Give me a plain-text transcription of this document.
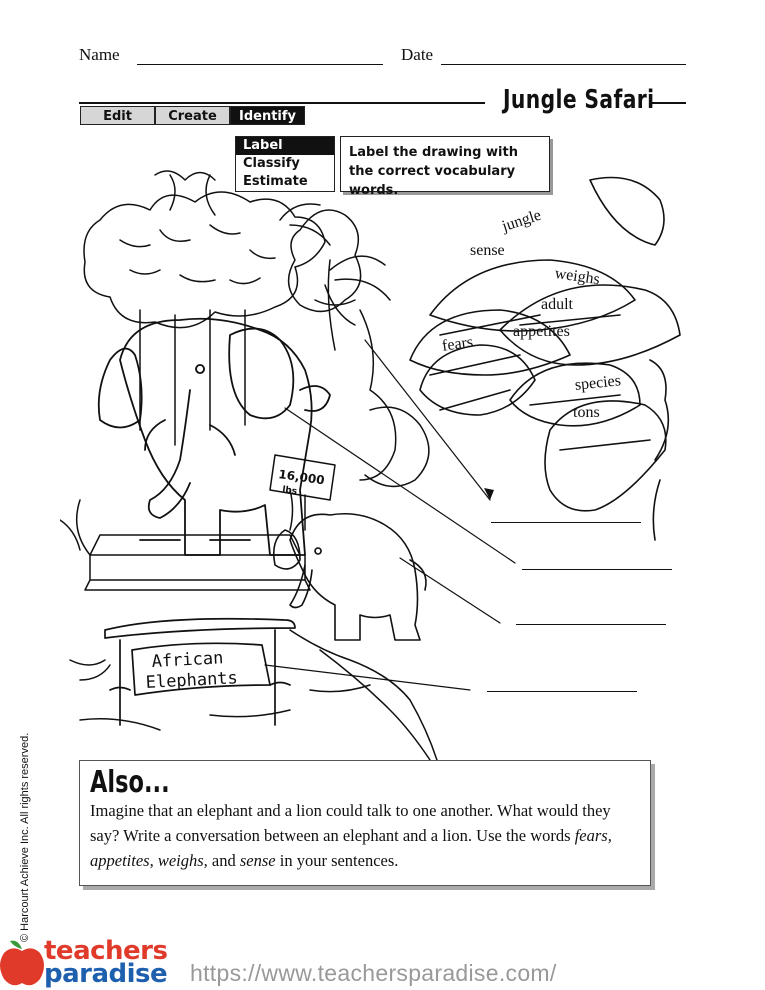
Name	Date
Jungle Safari
Edit	Create	Identify
Label
Classify
Estimate
Label the drawing with the correct vocabulary words.
16,000
lbs
African
Elephants
jungle
sense
weighs
adult
fears
appetites
species
tons
Also...
Imagine that an elephant and a lion could talk to one another. What would they say? Write a conversation between an elephant and a lion. Use the words fears, appetites, weighs, and sense in your sentences.
© Harcourt Achieve Inc. All rights reserved.
teachers
paradise https://www.teachersparadise.com/
